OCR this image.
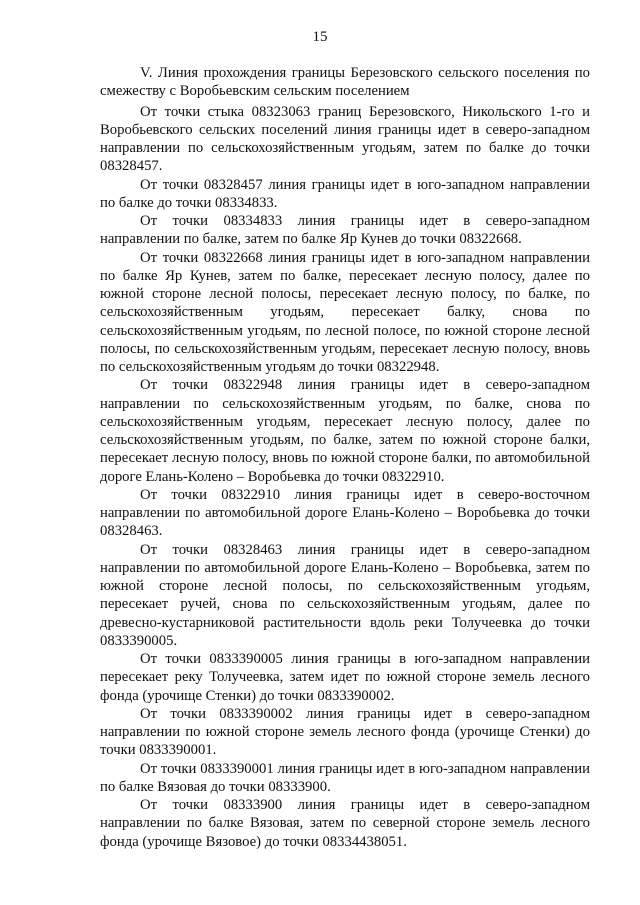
15

V. Линия прохождения границы Березовского сельского поселения по смежеству с Воробьевским сельским поселением

От точки стыка 08323063 границ Березовского, Никольского 1-го и Воробьевского сельских поселений линия границы идет в северо-западном направлении по сельскохозяйственным угодьям, затем по балке до точки 08328457.

От точки 08328457 линия границы идет в юго-западном направлении по балке до точки 08334833.

От точки 08334833 линия границы идет в северо-западном направлении по балке, затем по балке Яр Кунев до точки 08322668.

От точки 08322668 линия границы идет в юго-западном направлении по балке Яр Кунев, затем по балке, пересекает лесную полосу, далее по южной стороне лесной полосы, пересекает лесную полосу, по балке, по сельскохозяйственным угодьям, пересекает балку, снова по сельскохозяйственным угодьям, по лесной полосе, по южной стороне лесной полосы, по сельскохозяйственным угодьям, пересекает лесную полосу, вновь по сельскохозяйственным угодьям до точки 08322948.

От точки 08322948 линия границы идет в северо-западном направлении по сельскохозяйственным угодьям, по балке, снова по сельскохозяйственным угодьям, пересекает лесную полосу, далее по сельскохозяйственным угодьям, по балке, затем по южной стороне балки, пересекает лесную полосу, вновь по южной стороне балки, по автомобильной дороге Елань-Колено – Воробьевка до точки 08322910.

От точки 08322910 линия границы идет в северо-восточном направлении по автомобильной дороге Елань-Колено – Воробьевка до точки 08328463.

От точки 08328463 линия границы идет в северо-западном направлении по автомобильной дороге Елань-Колено – Воробьевка, затем по южной стороне лесной полосы, по сельскохозяйственным угодьям, пересекает ручей, снова по сельскохозяйственным угодьям, далее по древесно-кустарниковой растительности вдоль реки Толучеевка до точки 0833390005.

От точки 0833390005 линия границы в юго-западном направлении пересекает реку Толучеевка, затем идет по южной стороне земель лесного фонда (урочище Стенки) до точки 0833390002.

От точки 0833390002 линия границы идет в северо-западном направлении по южной стороне земель лесного фонда (урочище Стенки) до точки 0833390001.

От точки 0833390001 линия границы идет в юго-западном направлении по балке Вязовая до точки 08333900.

От точки 08333900 линия границы идет в северо-западном направлении по балке Вязовая, затем по северной стороне земель лесного фонда (урочище Вязовое) до точки 08334438051.
